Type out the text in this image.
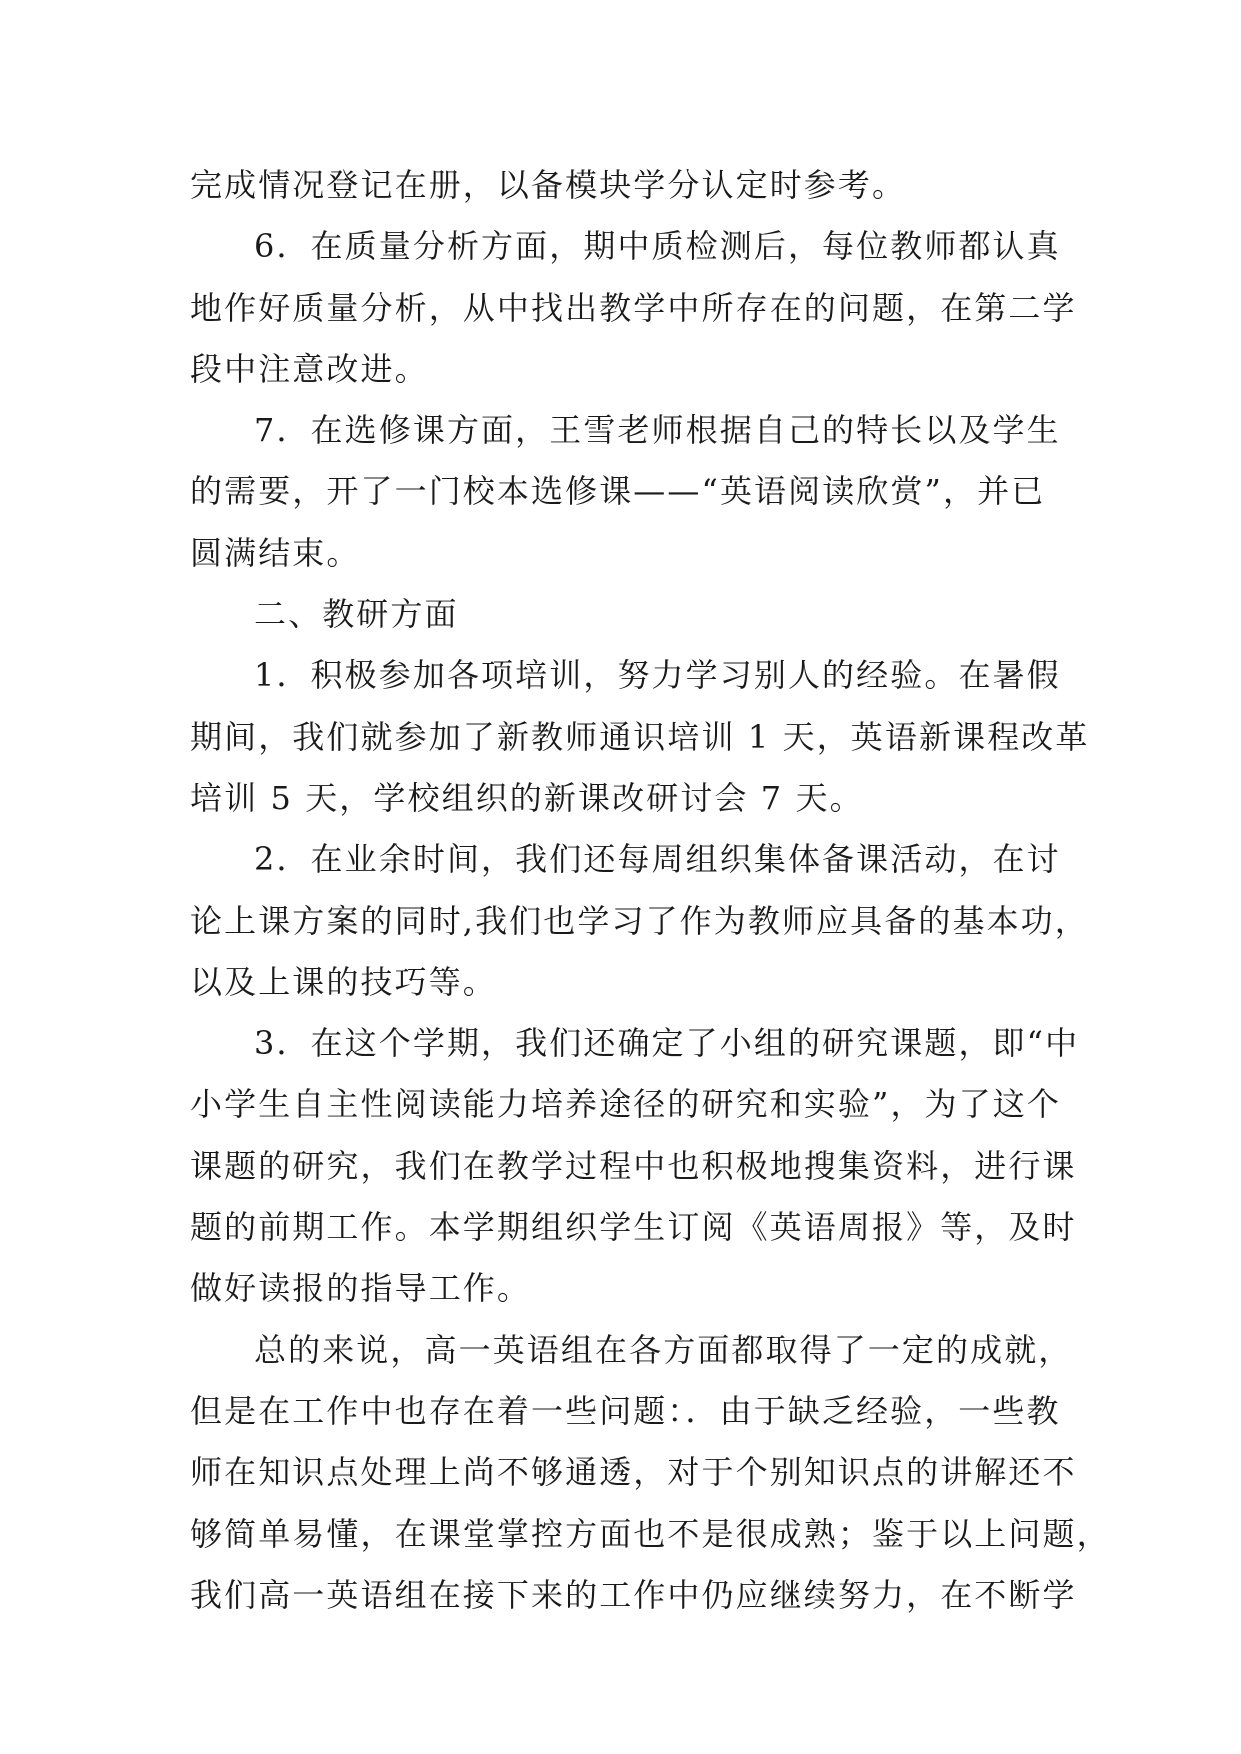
完成情况登记在册，以备模块学分认定时参考。
6．在质量分析方面，期中质检测后，每位教师都认真
地作好质量分析，从中找出教学中所存在的问题，在第二学
段中注意改进。
7．在选修课方面，王雪老师根据自己的特长以及学生
的需要，开了一门校本选修课——“英语阅读欣赏”，并已
圆满结束。
二、教研方面
1．积极参加各项培训，努力学习别人的经验。在暑假
期间，我们就参加了新教师通识培训 1 天，英语新课程改革
培训 5 天，学校组织的新课改研讨会 7 天。
2．在业余时间，我们还每周组织集体备课活动，在讨
论上课方案的同时,我们也学习了作为教师应具备的基本功，
以及上课的技巧等。
3．在这个学期，我们还确定了小组的研究课题，即“中
小学生自主性阅读能力培养途径的研究和实验”，为了这个
课题的研究，我们在教学过程中也积极地搜集资料，进行课
题的前期工作。本学期组织学生订阅《英语周报》等，及时
做好读报的指导工作。
总的来说，高一英语组在各方面都取得了一定的成就，
但是在工作中也存在着一些问题：．由于缺乏经验，一些教
师在知识点处理上尚不够通透，对于个别知识点的讲解还不
够简单易懂，在课堂掌控方面也不是很成熟；鉴于以上问题，
我们高一英语组在接下来的工作中仍应继续努力，在不断学
